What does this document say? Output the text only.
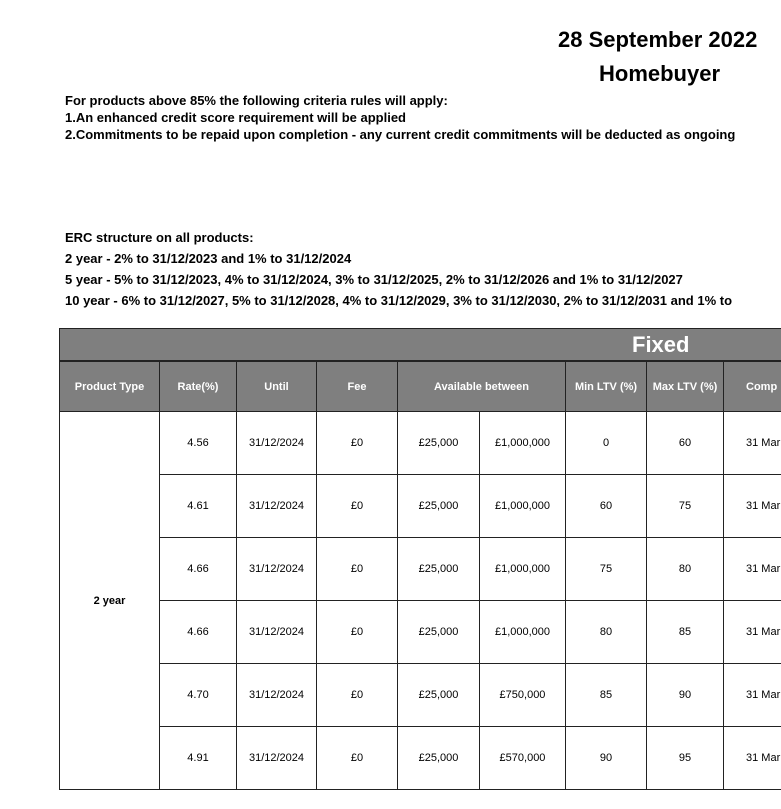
28 September 2022
Homebuyer
For products above 85% the following criteria rules will apply:
1.An enhanced credit score requirement will be applied
2.Commitments to be repaid upon completion - any current credit commitments will be deducted as ongoing
ERC structure on all products:
2 year - 2% to 31/12/2023 and 1% to 31/12/2024
5 year - 5% to 31/12/2023, 4% to 31/12/2024, 3% to 31/12/2025, 2% to 31/12/2026 and 1% to 31/12/2027
10 year - 6% to 31/12/2027, 5% to 31/12/2028, 4% to 31/12/2029, 3% to 31/12/2030, 2% to 31/12/2031 and 1% to
Fixed								
Product Type	Rate(%)	Until	Fee	Available between		Min LTV (%)	Max LTV (%)	Comp
2 year	4.56	31/12/2024	£0	£25,000	£1,000,000	0	60	31 Mar
	4.61	31/12/2024	£0	£25,000	£1,000,000	60	75	31 Mar
	4.66	31/12/2024	£0	£25,000	£1,000,000	75	80	31 Mar
	4.66	31/12/2024	£0	£25,000	£1,000,000	80	85	31 Mar
	4.70	31/12/2024	£0	£25,000	£750,000	85	90	31 Mar
	4.91	31/12/2024	£0	£25,000	£570,000	90	95	31 Mar
